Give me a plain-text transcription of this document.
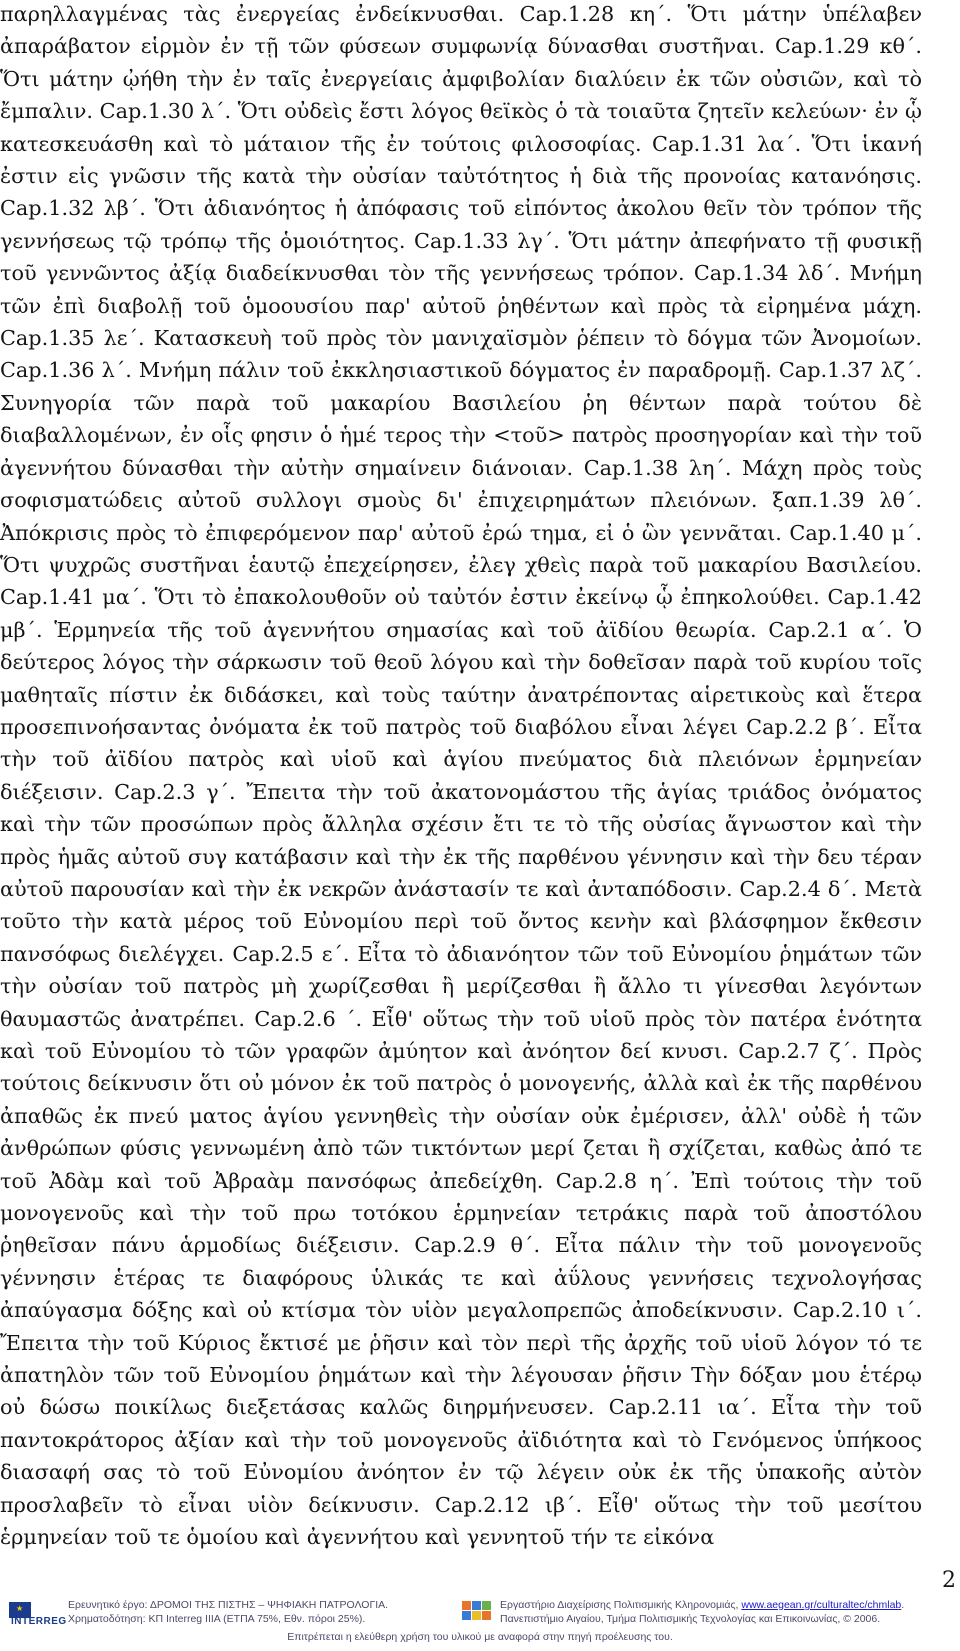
παρηλλαγμένας τὰς ἐνεργείας ἐνδείκνυσθαι. Cap.1.28 κη΄. Ὅτι μάτην ὑπέλαβεν ἀπαράβατον εἱρμὸν ἐν τῇ τῶν φύσεων συμφωνίᾳ δύνασθαι συστῆναι. Cap.1.29 κθ΄. Ὅτι μάτην ᾠήθη τὴν ἐν ταῖς ἐνεργείαις ἀμφιβολίαν διαλύειν ἐκ τῶν οὐσιῶν, καὶ τὸ ἔμπαλιν. Cap.1.30 λ΄. Ὅτι οὐδεὶς ἔστι λόγος θεϊκὸς ὁ τὰ τοιαῦτα ζητεῖν κελεύων· ἐν ᾧ κατεσκευάσθη καὶ τὸ μάταιον τῆς ἐν τούτοις φιλοσοφίας. Cap.1.31 λα΄. Ὅτι ἱκανή ἐστιν εἰς γνῶσιν τῆς κατὰ τὴν οὐσίαν ταὐτότητος ἡ διὰ τῆς προνοίας κατανόησις. Cap.1.32 λβ΄. Ὅτι ἀδιανόητος ἡ ἀπόφασις τοῦ εἰπόντος ἀκολου θεῖν τὸν τρόπον τῆς γεννήσεως τῷ τρόπῳ τῆς ὁμοιότητος. Cap.1.33 λγ΄. Ὅτι μάτην ἀπεφήνατο τῇ φυσικῇ τοῦ γεννῶντος ἀξίᾳ διαδείκνυσθαι τὸν τῆς γεννήσεως τρόπον. Cap.1.34 λδ΄. Μνήμη τῶν ἐπὶ διαβολῇ τοῦ ὁμοουσίου παρ' αὐτοῦ ῥηθέντων καὶ πρὸς τὰ εἰρημένα μάχη. Cap.1.35 λε΄. Κατασκευὴ τοῦ πρὸς τὸν μανιχαϊσμὸν ῥέπειν τὸ δόγμα τῶν Ἀνομοίων. Cap.1.36 λ΄. Μνήμη πάλιν τοῦ ἐκκλησιαστικοῦ δόγματος ἐν παραδρομῇ. Cap.1.37 λζ΄. Συνηγορία τῶν παρὰ τοῦ μακαρίου Βασιλείου ῥη θέντων παρὰ τούτου δὲ διαβαλλομένων, ἐν οἷς φησιν ὁ ἡμέ τερος τὴν <τοῦ> πατρὸς προσηγορίαν καὶ τὴν τοῦ ἀγεννήτου δύνασθαι τὴν αὐτὴν σημαίνειν διάνοιαν. Cap.1.38 λη΄. Μάχη πρὸς τοὺς σοφισματώδεις αὐτοῦ συλλογι σμοὺς δι' ἐπιχειρημάτων πλειόνων. ξαπ.1.39 λθ΄. Ἀπόκρισις πρὸς τὸ ἐπιφερόμενον παρ' αὐτοῦ ἐρώ τημα, εἰ ὁ ὢν γεννᾶται. Cap.1.40 μ΄. Ὅτι ψυχρῶς συστῆναι ἑαυτῷ ἐπεχείρησεν, ἐλεγ χθεὶς παρὰ τοῦ μακαρίου Βασιλείου. Cap.1.41 μα΄. Ὅτι τὸ ἐπακολουθοῦν οὐ ταὐτόν ἐστιν ἐκείνῳ ᾧ ἐπηκολούθει. Cap.1.42 μβ΄. Ἑρμηνεία τῆς τοῦ ἀγεννήτου σημασίας καὶ τοῦ ἀϊδίου θεωρία. Cap.2.1 α΄. Ὁ δεύτερος λόγος τὴν σάρκωσιν τοῦ θεοῦ λόγου καὶ τὴν δοθεῖσαν παρὰ τοῦ κυρίου τοῖς μαθηταῖς πίστιν ἐκ διδάσκει, καὶ τοὺς ταύτην ἀνατρέποντας αἱρετικοὺς καὶ ἕτερα προσεπινοήσαντας ὀνόματα ἐκ τοῦ πατρὸς τοῦ διαβόλου εἶναι λέγει Cap.2.2 β΄. Εἶτα τὴν τοῦ ἀϊδίου πατρὸς καὶ υἱοῦ καὶ ἁγίου πνεύματος διὰ πλειόνων ἑρμηνείαν διέξεισιν. Cap.2.3 γ΄. Ἔπειτα τὴν τοῦ ἀκατονομάστου τῆς ἁγίας τριάδος ὀνόματος καὶ τὴν τῶν προσώπων πρὸς ἄλληλα σχέσιν ἔτι τε τὸ τῆς οὐσίας ἄγνωστον καὶ τὴν πρὸς ἡμᾶς αὐτοῦ συγ κατάβασιν καὶ τὴν ἐκ τῆς παρθένου γέννησιν καὶ τὴν δευ τέραν αὐτοῦ παρουσίαν καὶ τὴν ἐκ νεκρῶν ἀνάστασίν τε καὶ ἀνταπόδοσιν. Cap.2.4 δ΄. Μετὰ τοῦτο τὴν κατὰ μέρος τοῦ Εὐνομίου περὶ τοῦ ὄντος κενὴν καὶ βλάσφημον ἔκθεσιν πανσόφως διελέγχει. Cap.2.5 ε΄. Εἶτα τὸ ἀδιανόητον τῶν τοῦ Εὐνομίου ῥημάτων τῶν τὴν οὐσίαν τοῦ πατρὸς μὴ χωρίζεσθαι ἢ μερίζεσθαι ἢ ἄλλο τι γίνεσθαι λεγόντων θαυμαστῶς ἀνατρέπει. Cap.2.6 ΄. Εἶθ' οὕτως τὴν τοῦ υἱοῦ πρὸς τὸν πατέρα ἑνότητα καὶ τοῦ Εὐνομίου τὸ τῶν γραφῶν ἀμύητον καὶ ἀνόητον δεί κνυσι. Cap.2.7 ζ΄. Πρὸς τούτοις δείκνυσιν ὅτι οὐ μόνον ἐκ τοῦ πατρὸς ὁ μονογενής, ἀλλὰ καὶ ἐκ τῆς παρθένου ἀπαθῶς ἐκ πνεύ ματος ἁγίου γεννηθεὶς τὴν οὐσίαν οὐκ ἐμέρισεν, ἀλλ' οὐδὲ ἡ τῶν ἀνθρώπων φύσις γεννωμένη ἀπὸ τῶν τικτόντων μερί ζεται ἢ σχίζεται, καθὼς ἀπό τε τοῦ Ἀδὰμ καὶ τοῦ Ἀβραὰμ πανσόφως ἀπεδείχθη. Cap.2.8 η΄. Ἐπὶ τούτοις τὴν τοῦ μονογενοῦς καὶ τὴν τοῦ πρω τοτόκου ἑρμηνείαν τετράκις παρὰ τοῦ ἀποστόλου ῥηθεῖσαν πάνυ ἁρμοδίως διέξεισιν. Cap.2.9 θ΄. Εἶτα πάλιν τὴν τοῦ μονογενοῦς γέννησιν ἑτέρας τε διαφόρους ὑλικάς τε καὶ ἀΰλους γεννήσεις τεχνολογήσας ἀπαύγασμα δόξης καὶ οὐ κτίσμα τὸν υἱὸν μεγαλοπρεπῶς ἀποδείκνυσιν. Cap.2.10 ι΄. Ἔπειτα τὴν τοῦ Κύριος ἔκτισέ με ῥῆσιν καὶ τὸν περὶ τῆς ἀρχῆς τοῦ υἱοῦ λόγον τό τε ἀπατηλὸν τῶν τοῦ Εὐνομίου ῥημάτων καὶ τὴν λέγουσαν ῥῆσιν Τὴν δόξαν μου ἑτέρῳ οὐ δώσω ποικίλως διεξετάσας καλῶς διηρμήνευσεν. Cap.2.11 ια΄. Εἶτα τὴν τοῦ παντοκράτορος ἀξίαν καὶ τὴν τοῦ μονογενοῦς ἀϊδιότητα καὶ τὸ Γενόμενος ὑπήκοος διασαφή σας τὸ τοῦ Εὐνομίου ἀνόητον ἐν τῷ λέγειν οὐκ ἐκ τῆς ὑπακοῆς αὐτὸν προσλαβεῖν τὸ εἶναι υἱὸν δείκνυσιν. Cap.2.12 ιβ΄. Εἶθ' οὕτως τὴν τοῦ μεσίτου ἑρμηνείαν τοῦ τε ὁμοίου καὶ ἀγεννήτου καὶ γεννητοῦ τήν τε εἰκόνα

2
★
INTERREG
Ερευνητικό έργο: ΔΡΟΜΟΙ ΤΗΣ ΠΙΣΤΗΣ – ΨΗΦΙΑΚΗ ΠΑΤΡΟΛΟΓΙΑ.
Χρηματοδότηση: ΚΠ Interreg IIIA (ΕΤΠΑ 75%, Εθν. πόροι 25%).
Εργαστήριο Διαχείρισης Πολιτισμικής Κληρονομιάς, www.aegean.gr/culturaltec/chmlab.
Πανεπιστήμιο Αιγαίου, Τμήμα Πολιτισμικής Τεχνολογίας και Επικοινωνίας, © 2006.
Επιτρέπεται η ελεύθερη χρήση του υλικού με αναφορά στην πηγή προέλευσης του.
